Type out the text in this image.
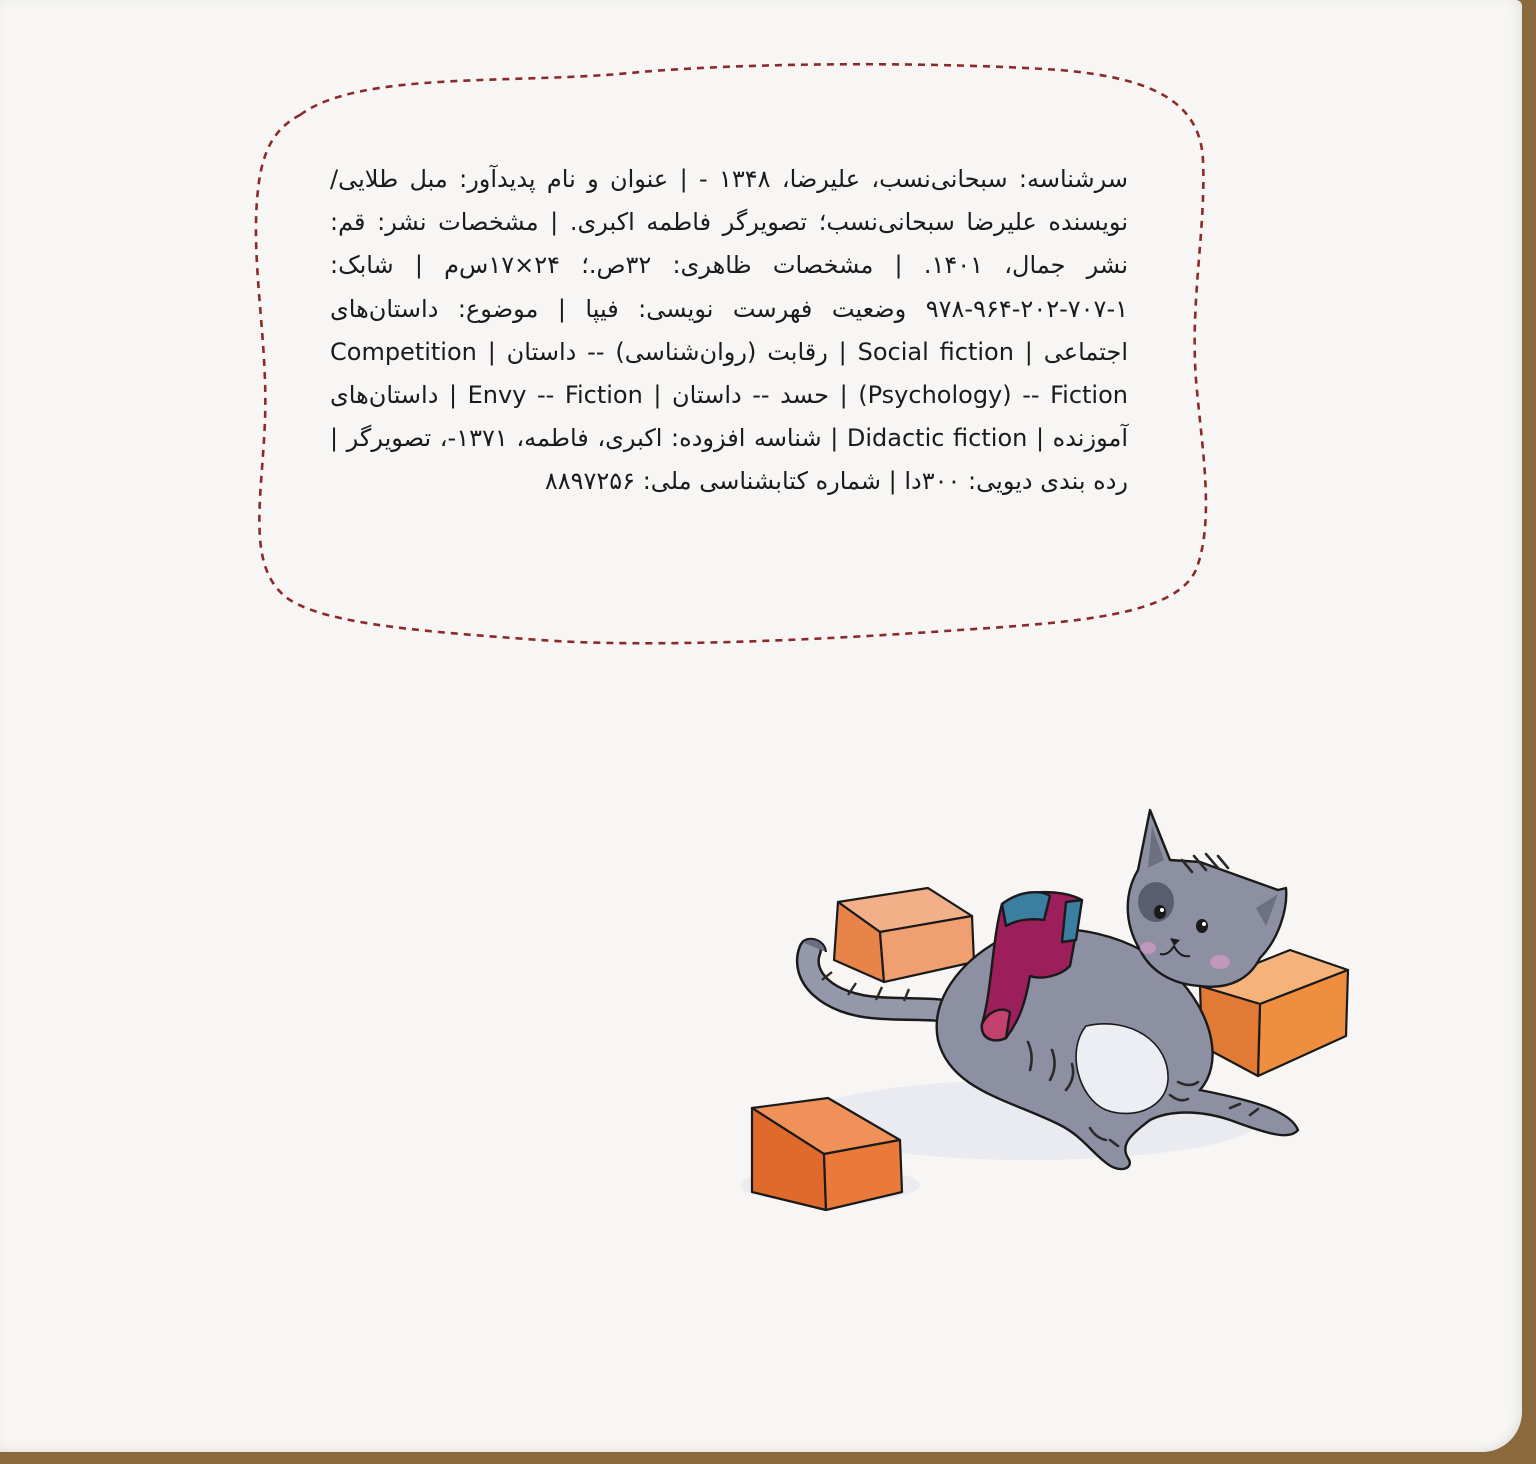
سرشناسه: سبحانی‌نسب، علیرضا، ۱۳۴۸ - | عنوان و نام پدیدآور: مبل طلایی/ نویسنده علیرضا سبحانی‌نسب؛ تصویرگر فاطمه اکبری. | مشخصات نشر: قم: نشر جمال، ۱۴۰۱. | مشخصات ظاهری: ۳۲ص.؛ ۲۴×۱۷س‌م | شابک: ۱-۷۰۷-۲۰۲-۹۶۴-۹۷۸ وضعیت فهرست نویسی: فیپا | موضوع: داستان‌های اجتماعی | Social fiction | رقابت (روان‌شناسی) -- داستان | Competition (Psychology) -- Fiction | حسد -- داستان | Envy -- Fiction | داستان‌های آموزنده | Didactic fiction | شناسه افزوده: اکبری، فاطمه، ۱۳۷۱-، تصویرگر | رده بندی دیویی: ۳۰۰دا | شماره کتابشناسی ملی: ۸۸۹۷۲۵۶
